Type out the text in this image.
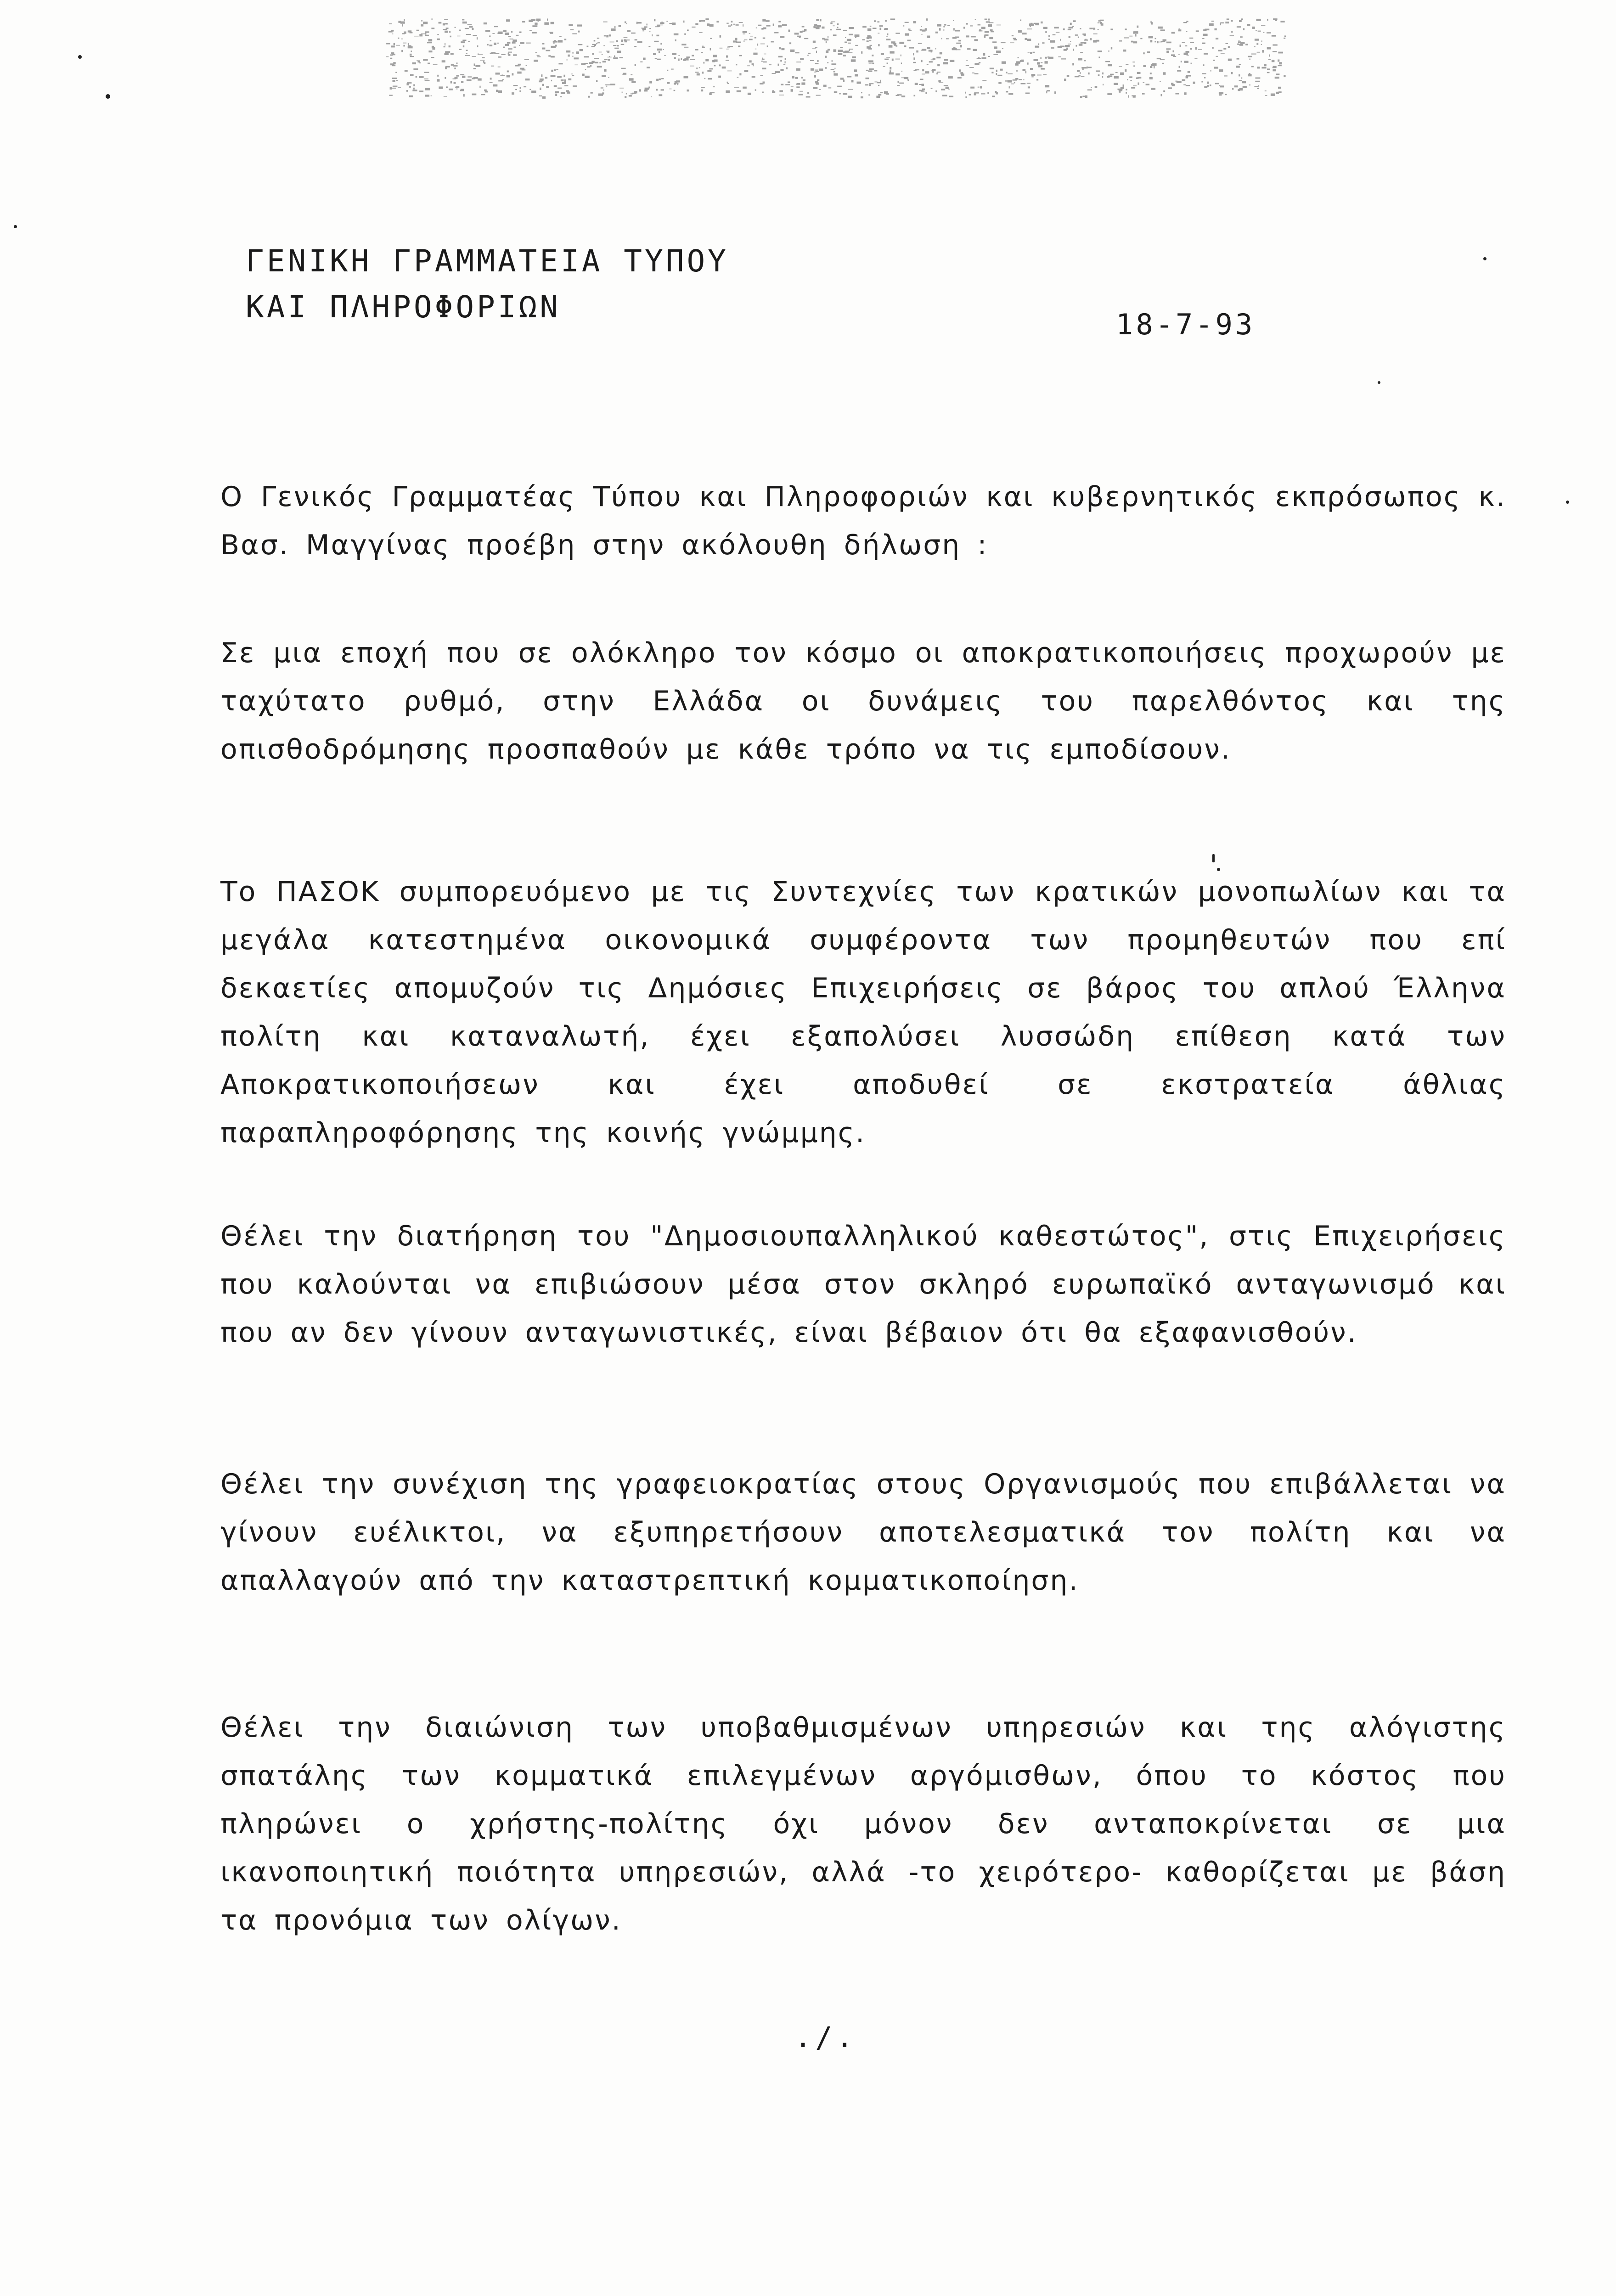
ΓΕΝΙΚΗ ΓΡΑΜΜΑΤΕΙΑ ΤΥΠΟΥ
ΚΑΙ ΠΛΗΡΟΦΟΡΙΩΝ	18-7-93

Ο Γενικός Γραμματέας Τύπου και Πληροφοριών και κυβερνητικός εκπρόσωπος κ. Βασ. Μαγγίνας προέβη στην ακόλουθη δήλωση :

Σε μια εποχή που σε ολόκληρο τον κόσμο οι αποκρατικοποιήσεις προχωρούν με ταχύτατο ρυθμό, στην Ελλάδα οι δυνάμεις του παρελθόντος και της οπισθοδρόμησης προσπαθούν με κάθε τρόπο να τις εμποδίσουν.

Το ΠΑΣΟΚ συμπορευόμενο με τις Συντεχνίες των κρατικών μονοπωλίων και τα μεγάλα κατεστημένα οικονομικά συμφέροντα των προμηθευτών που επί δεκαετίες απομυζούν τις Δημόσιες Επιχειρήσεις σε βάρος του απλού Έλληνα πολίτη και καταναλωτή, έχει εξαπολύσει λυσσώδη επίθεση κατά των Αποκρατικοποιήσεων και έχει αποδυθεί σε εκστρατεία άθλιας παραπληροφόρησης της κοινής γνώμμης.

Θέλει την διατήρηση του "Δημοσιουπαλληλικού καθεστώτος", στις Επιχειρήσεις που καλούνται να επιβιώσουν μέσα στον σκληρό ευρωπαϊκό ανταγωνισμό και που αν δεν γίνουν ανταγωνιστικές, είναι βέβαιον ότι θα εξαφανισθούν.

Θέλει την συνέχιση της γραφειοκρατίας στους Οργανισμούς που επιβάλλεται να γίνουν ευέλικτοι, να εξυπηρετήσουν αποτελεσματικά τον πολίτη και να απαλλαγούν από την καταστρεπτική κομματικοποίηση.

Θέλει την διαιώνιση των υποβαθμισμένων υπηρεσιών και της αλόγιστης σπατάλης των κομματικά επιλεγμένων αργόμισθων, όπου το κόστος που πληρώνει ο χρήστης-πολίτης όχι μόνον δεν ανταποκρίνεται σε μια ικανοποιητική ποιότητα υπηρεσιών, αλλά -το χειρότερο- καθορίζεται με βάση τα προνόμια των ολίγων.

./.
